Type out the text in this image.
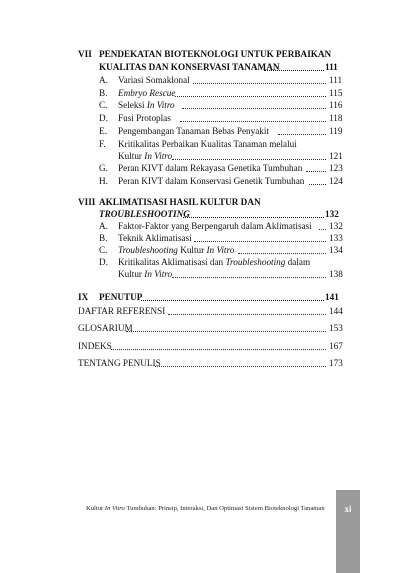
VII PENDEKATAN BIOTEKNOLOGI UNTUK PERBAIKAN
KUALITAS DAN KONSERVASI TANAMAN	111
A. Variasi Somaklonal	111
B. Embryo Rescue	115
C. Seleksi In Vitro	116
D. Fusi Protoplas	118
E. Pengembangan Tanaman Bebas Penyakit	119
F. Kritikalitas Perbaikan Kualitas Tanaman melalui
Kultur In Vitro	121
G. Peran KIVT dalam Rekayasa Genetika Tumbuhan	123
H. Peran KIVT dalam Konservasi Genetik Tumbuhan	124
VIII AKLIMATISASI HASIL KULTUR DAN
TROUBLESHOOTING	132
A. Faktor-Faktor yang Berpengaruh dalam Aklimatisasi 132
B. Teknik Aklimatisasi	133
C. Troubleshooting Kultur In Vitro	134
D. Kritikalitas Aklimatisasi dan Troubleshooting dalam
Kultur In Vitro	138
IX PENUTUP	141
DAFTAR REFERENSI	144
GLOSARIUM	153
INDEKS	167
TENTANG PENULIS	173
Kultur In Vitro Tumbuhan: Prinsip, Interaksi, Dan Optimasi Sistem Bioteknologi Tanaman	xi
